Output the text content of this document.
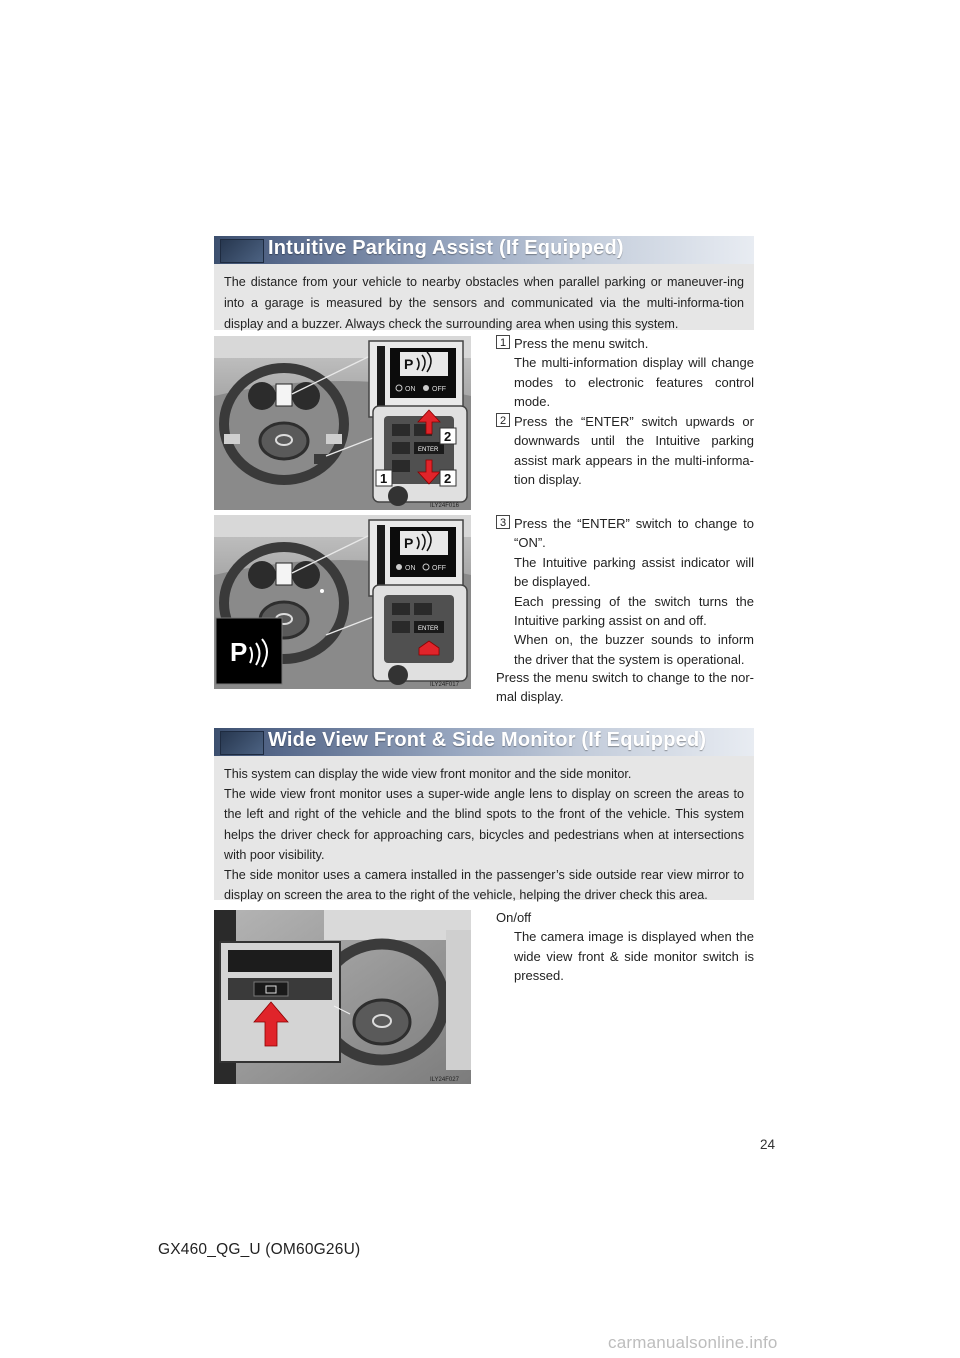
Intuitive Parking Assist (If Equipped)

The distance from your vehicle to nearby obstacles when parallel parking or maneuver-ing into a garage is measured by the sensors and communicated via the multi-informa-tion display and a buzzer. Always check the surrounding area when using this system.

P
ON OFF
ENTER
2
2
1
ILY24F016
P
P
ON OFF
ENTER
ILY24F017
1 Press the menu switch.

The multi-information display will change modes to electronic features control mode.

2 Press the “ENTER” switch upwards or downwards until the Intuitive parking assist mark appears in the multi-informa-tion display.

3 Press the “ENTER” switch to change to “ON”.

The Intuitive parking assist indicator will be displayed.

Each pressing of the switch turns the Intuitive parking assist on and off.

When on, the buzzer sounds to inform the driver that the system is operational.

Press the menu switch to change to the nor-mal display.
Wide View Front & Side Monitor (If Equipped)

This system can display the wide view front monitor and the side monitor.

The wide view front monitor uses a super-wide angle lens to display on screen the areas to the left and right of the vehicle and the blind spots to the front of the vehicle. This system helps the driver check for approaching cars, bicycles and pedestrians when at intersections with poor visibility.

The side monitor uses a camera installed in the passenger’s side outside rear view mirror to display on screen the area to the right of the vehicle, helping the driver check this area.

ILY24F027
On/off
The camera image is displayed when the wide view front & side monitor switch is pressed.
24
GX460_QG_U (OM60G26U)
carmanualsonline.info
